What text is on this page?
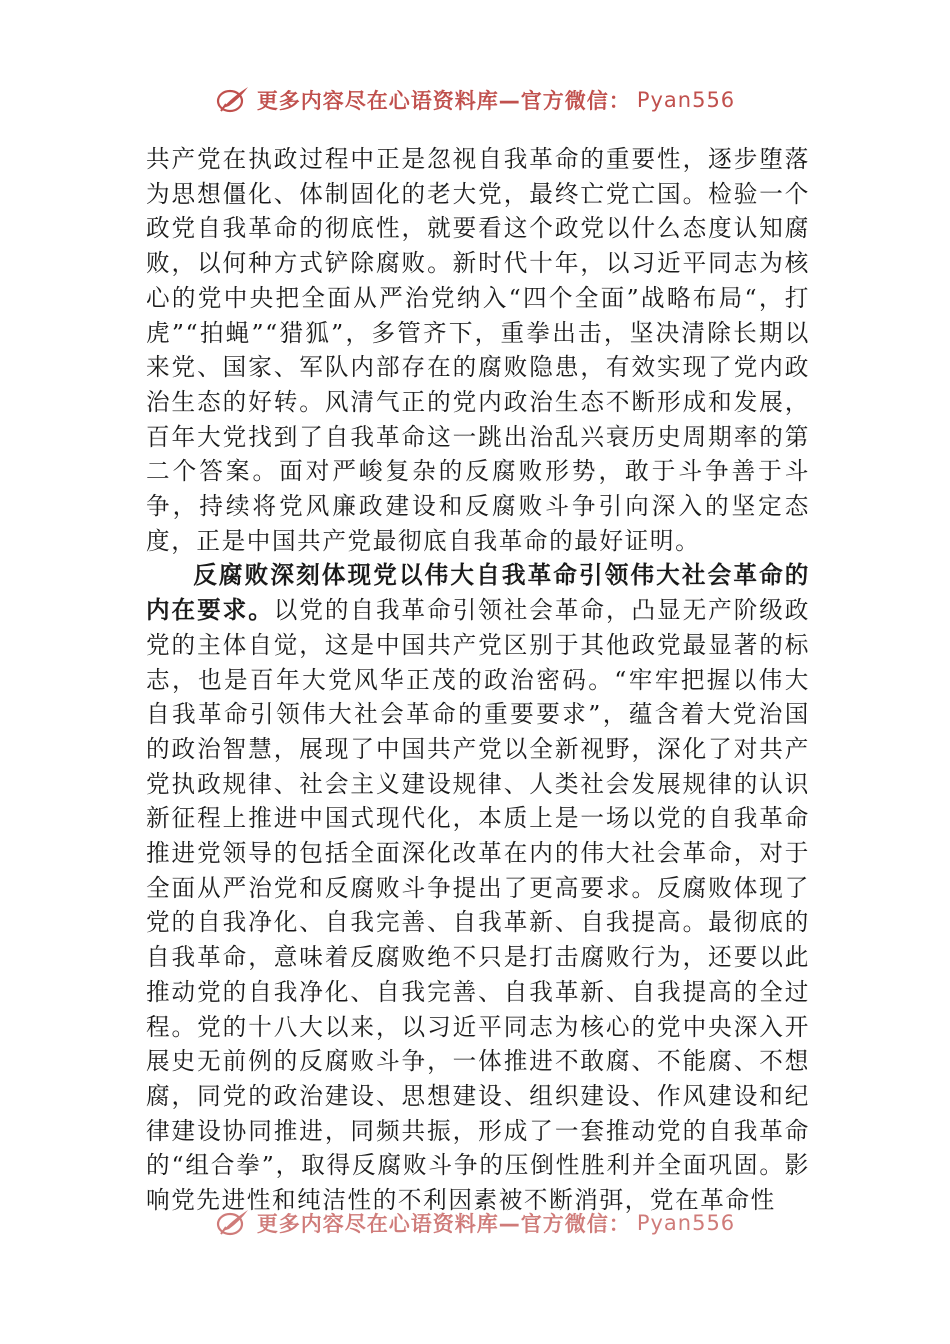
更多内容尽在心语资料库—官方微信： Pyan556

共产党在执政过程中正是忽视自我革命的重要性，逐步堕落为思想僵化、体制固化的老大党，最终亡党亡国。检验一个政党自我革命的彻底性，就要看这个政党以什么态度认知腐败，以何种方式铲除腐败。新时代十年，以习近平同志为核心的党中央把全面从严治党纳入“四个全面”战略布局“，打虎”“拍蝇”“猎狐”，多管齐下，重拳出击，坚决清除长期以来党、国家、军队内部存在的腐败隐患，有效实现了党内政治生态的好转。风清气正的党内政治生态不断形成和发展，百年大党找到了自我革命这一跳出治乱兴衰历史周期率的第二个答案。面对严峻复杂的反腐败形势，敢于斗争善于斗争，持续将党风廉政建设和反腐败斗争引向深入的坚定态度，正是中国共产党最彻底自我革命的最好证明。

反腐败深刻体现党以伟大自我革命引领伟大社会革命的内在要求。以党的自我革命引领社会革命，凸显无产阶级政党的主体自觉，这是中国共产党区别于其他政党最显著的标志，也是百年大党风华正茂的政治密码。“牢牢把握以伟大自我革命引领伟大社会革命的重要要求”，蕴含着大党治国的政治智慧，展现了中国共产党以全新视野，深化了对共产党执政规律、社会主义建设规律、人类社会发展规律的认识新征程上推进中国式现代化，本质上是一场以党的自我革命推进党领导的包括全面深化改革在内的伟大社会革命，对于全面从严治党和反腐败斗争提出了更高要求。反腐败体现了党的自我净化、自我完善、自我革新、自我提高。最彻底的自我革命，意味着反腐败绝不只是打击腐败行为，还要以此推动党的自我净化、自我完善、自我革新、自我提高的全过程。党的十八大以来，以习近平同志为核心的党中央深入开展史无前例的反腐败斗争，一体推进不敢腐、不能腐、不想腐，同党的政治建设、思想建设、组织建设、作风建设和纪律建设协同推进，同频共振，形成了一套推动党的自我革命的“组合拳”，取得反腐败斗争的压倒性胜利并全面巩固。影响党先进性和纯洁性的不利因素被不断消弭，党在革命性

更多内容尽在心语资料库—官方微信： Pyan556
